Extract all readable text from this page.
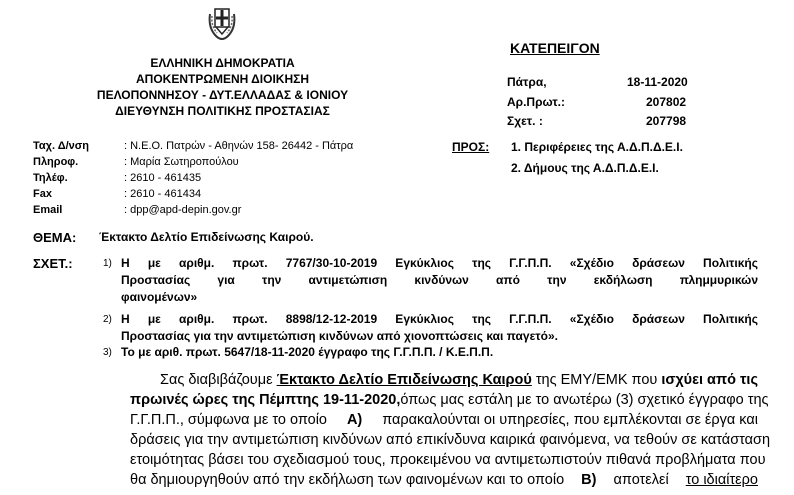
ΕΛΛΗΝΙΚΗ ΔΗΜΟΚΡΑΤΙΑ
ΑΠΟΚΕΝΤΡΩΜΕΝΗ ΔΙΟΙΚΗΣΗ
ΠΕΛΟΠΟΝΝΗΣΟΥ - ΔΥΤ.ΕΛΛΑΔΑΣ & ΙΟΝΙΟΥ
ΔΙΕΥΘΥΝΣΗ ΠΟΛΙΤΙΚΗΣ ΠΡΟΣΤΑΣΙΑΣ
ΚΑΤΕΠΕΙΓΟΝ
Πάτρα,	18-11-2020
Αρ.Πρωτ.:	207802
Σχετ. :	207798
Ταχ. Δ/νση	: Ν.Ε.Ο. Πατρών - Αθηνών 158- 26442 - Πάτρα
Πληροφ.	: Μαρία Σωτηροπούλου
Τηλέφ.	: 2610 - 461435
Fax	: 2610 - 461434
Email	: dpp@apd-depin.gov.gr
ΠΡΟΣ: 1. Περιφέρειες της Α.Δ.Π.Δ.Ε.Ι.
2. Δήμους της Α.Δ.Π.Δ.Ε.Ι.
ΘΕΜΑ: Έκτακτο Δελτίο Επιδείνωσης Καιρού.
ΣΧΕΤ.:	1) Η με αριθμ. πρωτ. 7767/30-10-2019 Εγκύκλιος της Γ.Γ.Π.Π. «Σχέδιο δράσεων Πολιτικής
Προστασίας για την αντιμετώπιση κινδύνων από την εκδήλωση πλημμυρικών
φαινομένων»
2) Η με αριθμ. πρωτ. 8898/12-12-2019 Εγκύκλιος της Γ.Γ.Π.Π. «Σχέδιο δράσεων Πολιτικής
Προστασίας για την αντιμετώπιση κινδύνων από χιονοπτώσεις και παγετό».
3) Το με αριθ. πρωτ. 5647/18-11-2020 έγγραφο της Γ.Γ.Π.Π. / Κ.Ε.Π.Π.
Σας διαβιβάζουμε Έκτακτο Δελτίο Επιδείνωσης Καιρού της ΕΜΥ/ΕΜΚ που ισχύει από τις
πρωινές ώρες της Πέμπτης 19-11-2020, όπως μας εστάλη με το ανωτέρω (3) σχετικό έγγραφο της
Γ.Γ.Π.Π., σύμφωνα με το οποίο Α) παρακαλούνται οι υπηρεσίες, που εμπλέκονται σε έργα και
δράσεις για την αντιμετώπιση κινδύνων από επικίνδυνα καιρικά φαινόμενα, να τεθούν σε κατάσταση
ετοιμότητας βάσει του σχεδιασμού τους, προκειμένου να αντιμετωπιστούν πιθανά προβλήματα που
θα δημιουργηθούν από την εκδήλωση των φαινομένων και το οποίο Β) αποτελεί το ιδιαίτερο
